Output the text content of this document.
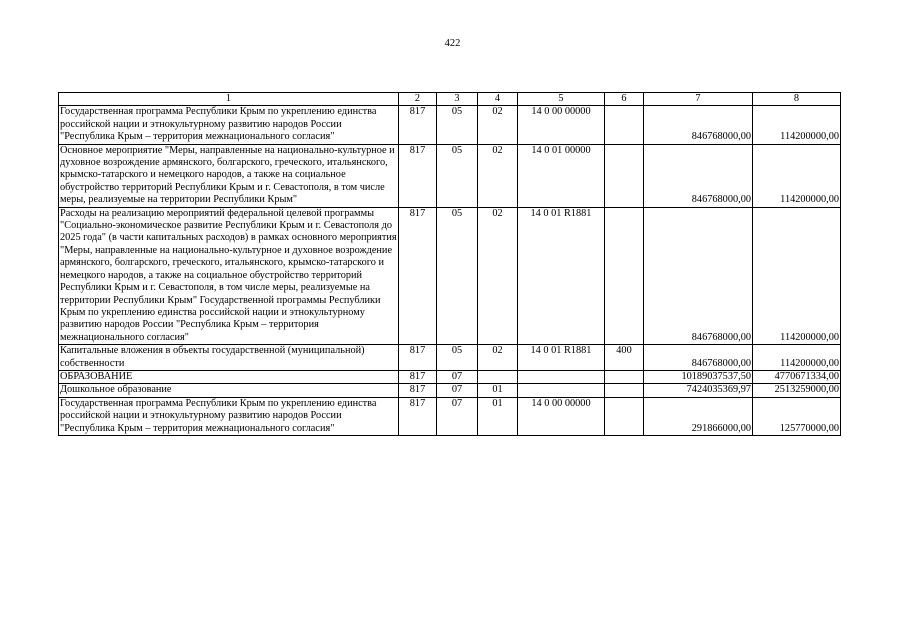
422
1	2	3	4	5	6	7	8
Государственная программа Республики Крым по укреплению единства российской нации и этнокультурному развитию народов России "Республика Крым – территория межнационального согласия"	817	05	02	14 0 00 00000		846768000,00	114200000,00
Основное мероприятие "Меры, направленные на национально-культурное и духовное возрождение армянского, болгарского, греческого, итальянского, крымско-татарского и немецкого народов, а также на социальное обустройство территорий Республики Крым и г. Севастополя, в том числе меры, реализуемые на территории Республики Крым"	817	05	02	14 0 01 00000		846768000,00	114200000,00
Расходы на реализацию мероприятий федеральной целевой программы "Социально-экономическое развитие Республики Крым и г. Севастополя до 2025 года" (в части капитальных расходов) в рамках основного мероприятия "Меры, направленные на национально-культурное и духовное возрождение армянского, болгарского, греческого, итальянского, крымско-татарского и немецкого народов, а также на социальное обустройство территорий Республики Крым и г. Севастополя, в том числе меры, реализуемые на территории Республики Крым" Государственной программы Республики Крым по укреплению единства российской нации и этнокультурному развитию народов России "Республика Крым – территория межнационального согласия"	817	05	02	14 0 01 R1881		846768000,00	114200000,00
Капитальные вложения в объекты государственной (муниципальной) собственности	817	05	02	14 0 01 R1881	400	846768000,00	114200000,00
ОБРАЗОВАНИЕ	817	07				10189037537,50	4770671334,00
Дошкольное образование	817	07	01			7424035369,97	2513259000,00
Государственная программа Республики Крым по укреплению единства российской нации и этнокультурному развитию народов России "Республика Крым – территория межнационального согласия"	817	07	01	14 0 00 00000		291866000,00	125770000,00
